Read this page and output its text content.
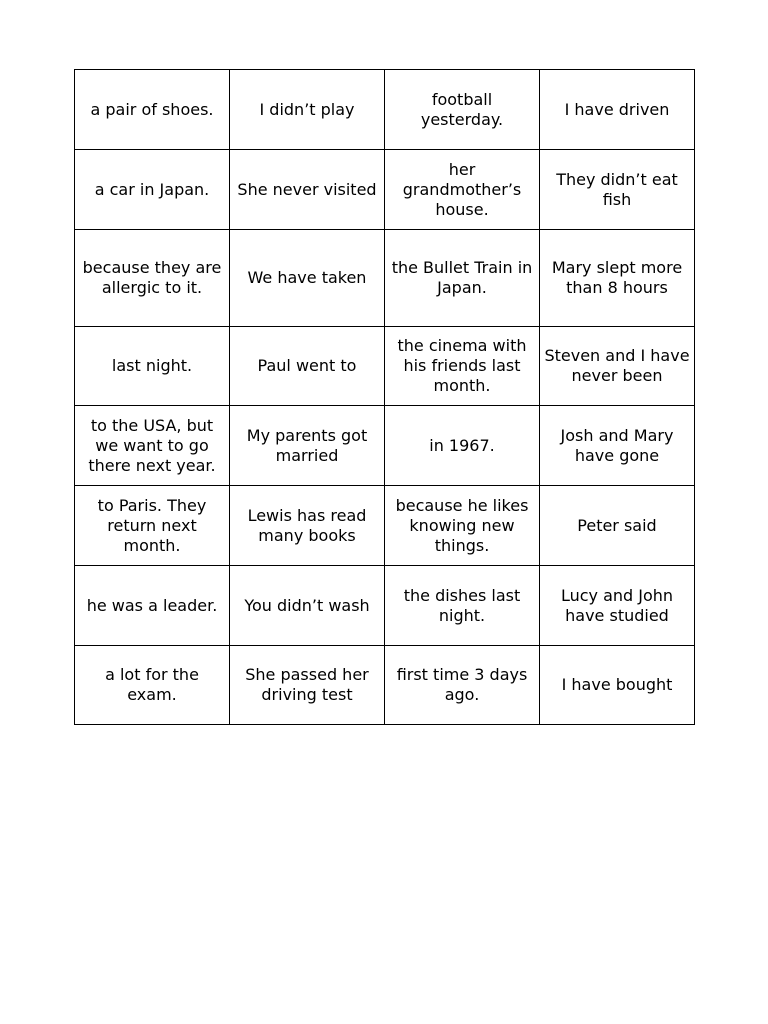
a pair of shoes.	I didn’t play	football yesterday.	I have driven

a car in Japan.	She never visited	her grandmother’s house.	They didn’t eat fish

because they are allergic to it.	We have taken	the Bullet Train in Japan.	Mary slept more than 8 hours

last night.	Paul went to	the cinema with his friends last month.	Steven and I have never been

to the USA, but we want to go there next year.	My parents got married	in 1967.	Josh and Mary have gone

to Paris. They return next month.	Lewis has read many books	because he likes knowing new things.	Peter said

he was a leader.	You didn’t wash	the dishes last night.	Lucy and John have studied

a lot for the exam.	She passed her driving test	first time 3 days ago.	I have bought
